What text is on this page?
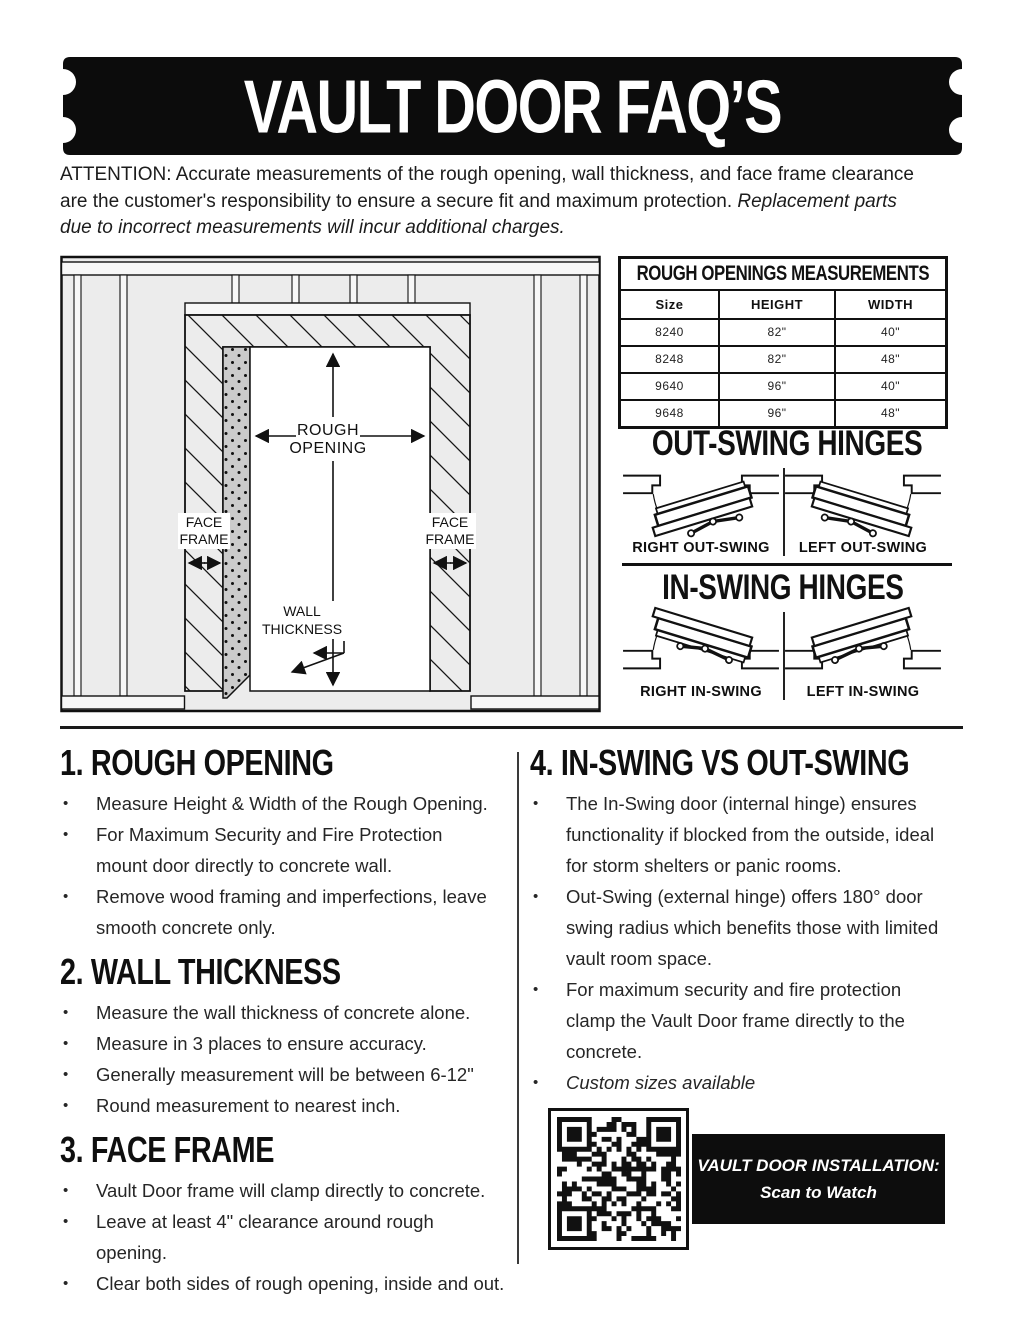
VAULT DOOR FAQ’S
ATTENTION: Accurate measurements of the rough opening, wall thickness, and face frame clearance
are the customer's responsibility to ensure a secure fit and maximum protection. Replacement parts
due to incorrect measurements will incur additional charges.
ROUGH
OPENING
FACE
FRAME
FACE
FRAME
WALL
THICKNESS
ROUGH OPENINGS MEASUREMENTS
Size	HEIGHT	WIDTH
8240	82"	40"
8248	82"	48"
9640	96"	40"
9648	96"	48"
OUT-SWING HINGES
RIGHT OUT-SWING LEFT OUT-SWING
IN-SWING HINGES
RIGHT IN-SWING	LEFT IN-SWING
1. ROUGH OPENING
•	Measure Height & Width of the Rough Opening.
•	For Maximum Security and Fire Protection
mount door directly to concrete wall.
•	Remove wood framing and imperfections, leave
smooth concrete only.
2. WALL THICKNESS
•	Measure the wall thickness of concrete alone.
•	Measure in 3 places to ensure accuracy.
•	Generally measurement will be between 6-12"
•	Round measurement to nearest inch.
3. FACE FRAME
•	Vault Door frame will clamp directly to concrete.
•	Leave at least 4" clearance around rough opening.
•	Clear both sides of rough opening, inside and out.
4. IN-SWING VS OUT-SWING
•	The In-Swing door (internal hinge) ensures
functionality if blocked from the outside, ideal
for storm shelters or panic rooms.
•	Out-Swing (external hinge) offers 180° door
swing radius which benefits those with limited
vault room space.
•	For maximum security and fire protection
clamp the Vault Door frame directly to the
concrete.
•	Custom sizes available
VAULT DOOR INSTALLATION:
Scan to Watch
